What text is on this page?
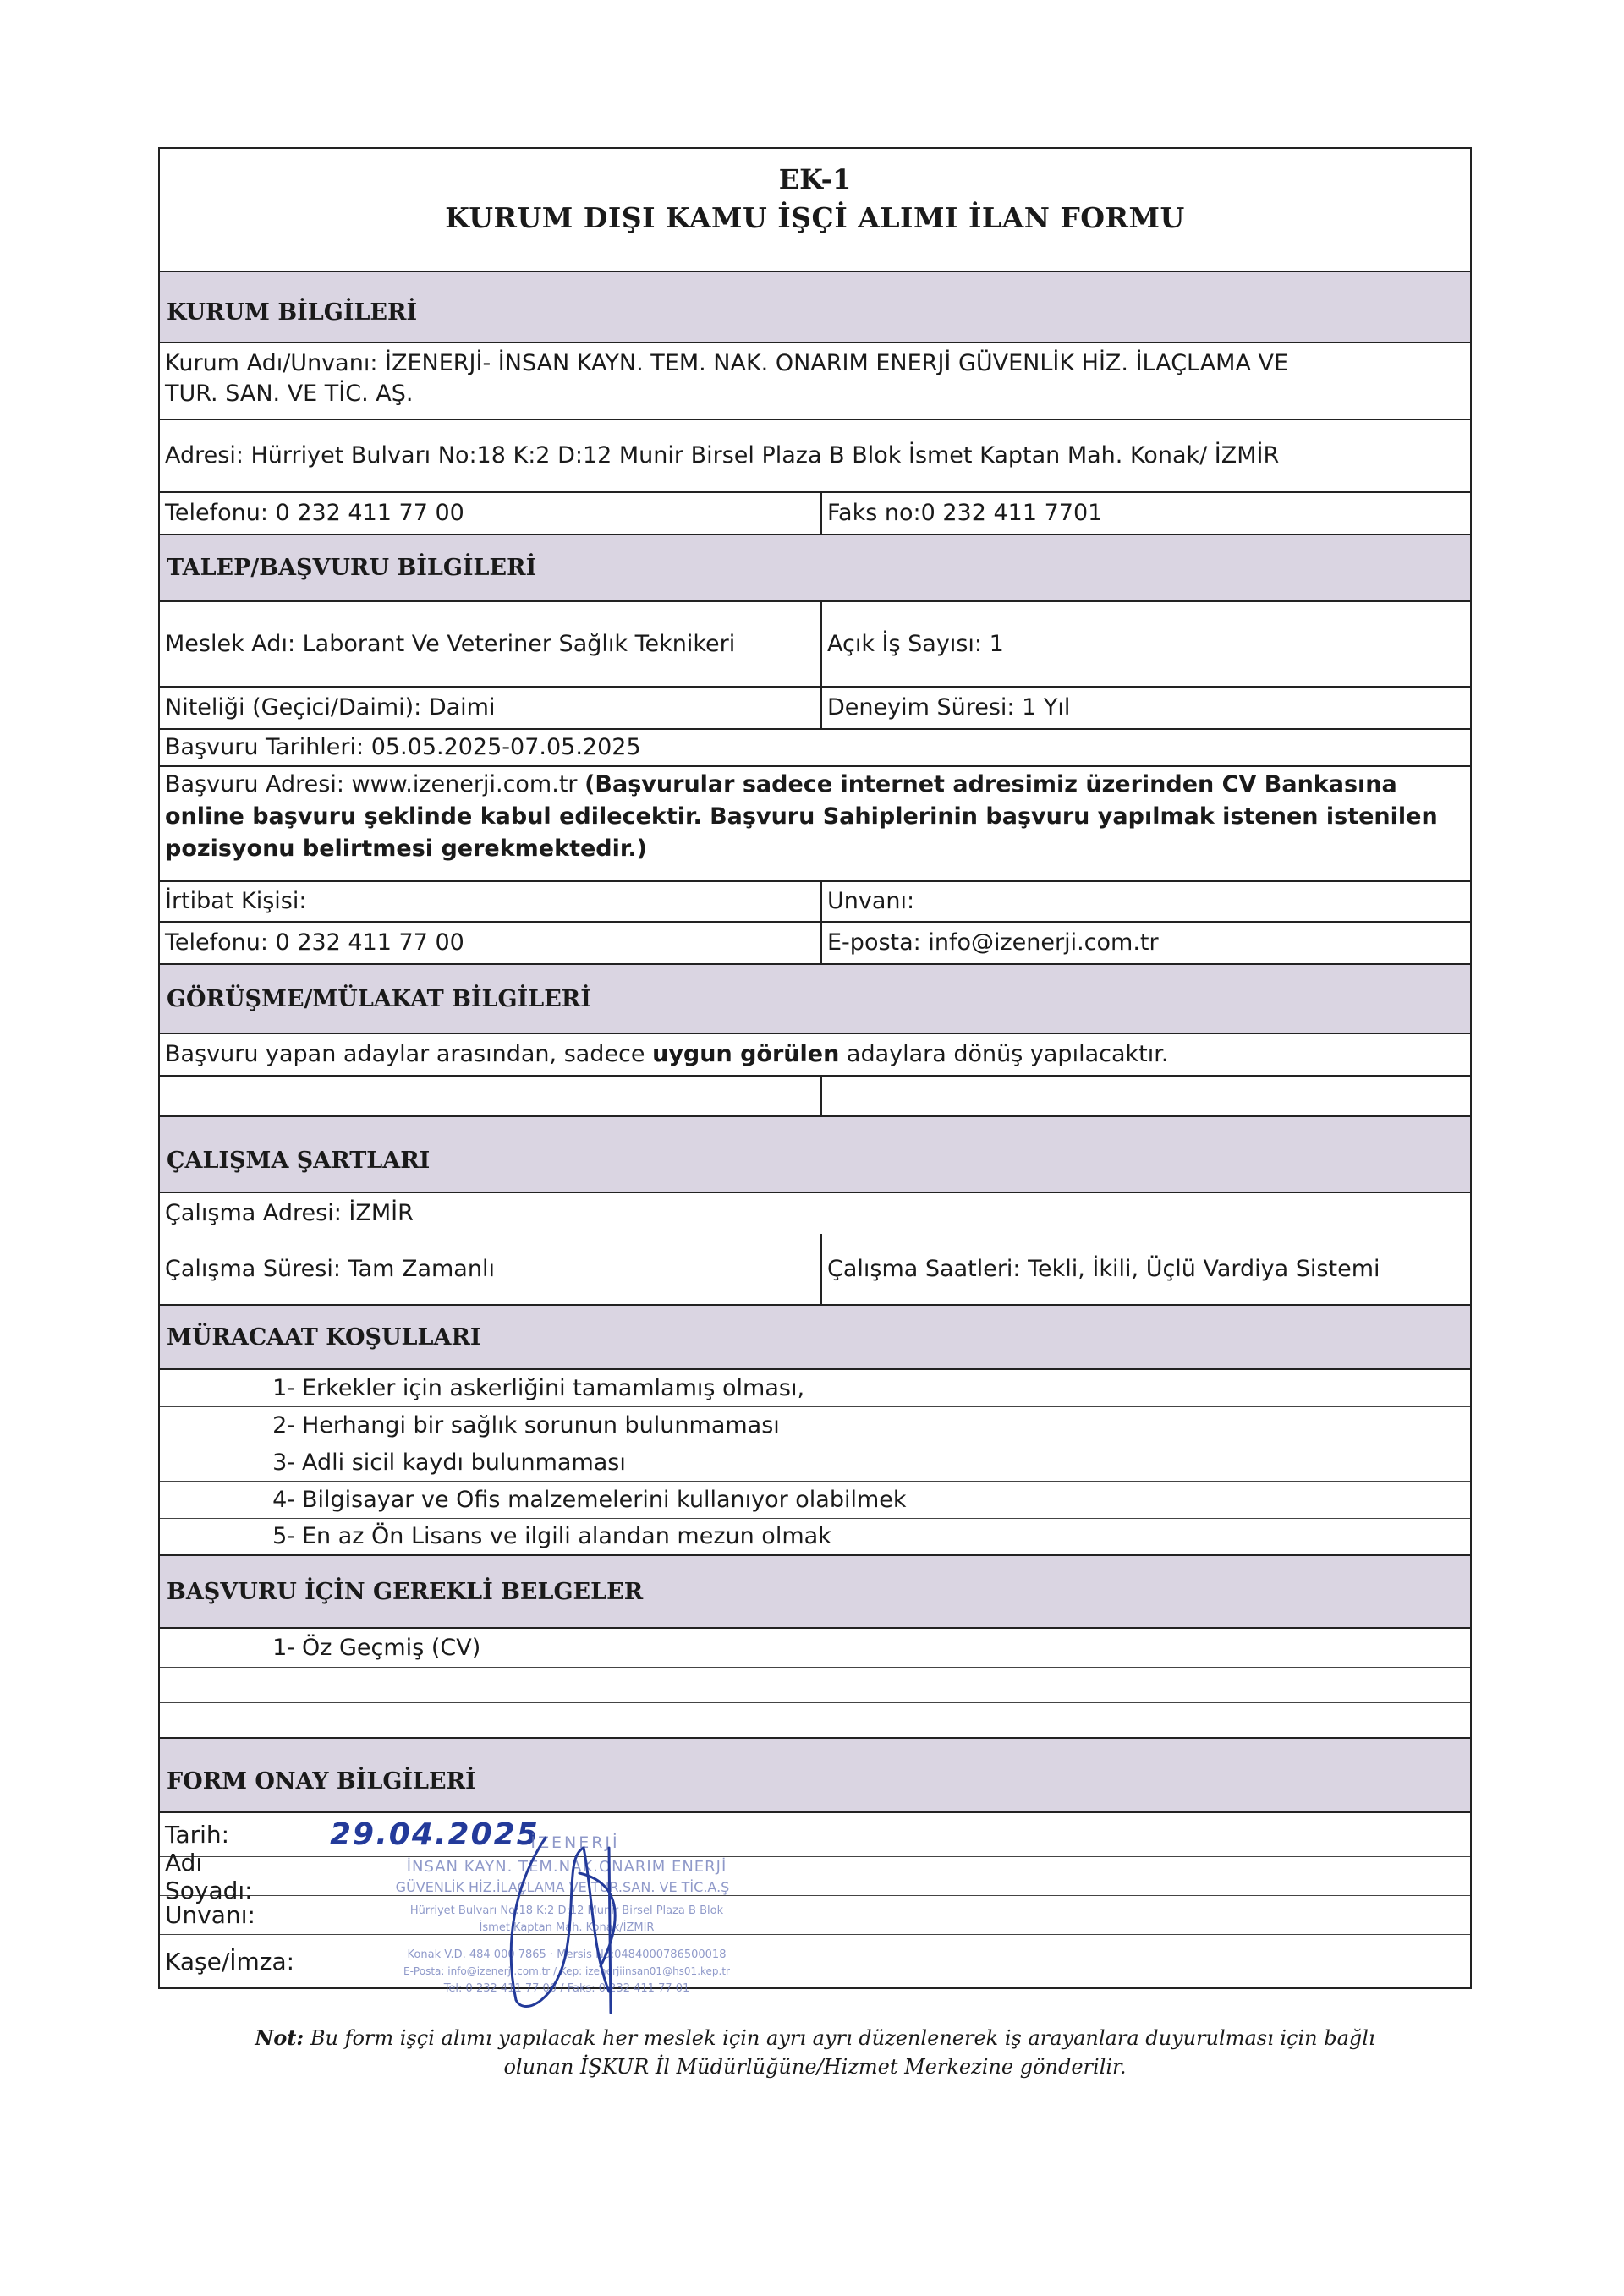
EK-1
KURUM DIŞI KAMU İŞÇİ ALIMI İLAN FORMU
KURUM BİLGİLERİ
Kurum Adı/Unvanı: İZENERJİ- İNSAN KAYN. TEM. NAK. ONARIM ENERJİ GÜVENLİK HİZ. İLAÇLAMA VE
TUR. SAN. VE TİC. AŞ.
Adresi: Hürriyet Bulvarı No:18 K:2 D:12 Munir Birsel Plaza B Blok İsmet Kaptan Mah. Konak/ İZMİR
Telefonu: 0 232 411 77 00	Faks no:0 232 411 7701
TALEP/BAŞVURU BİLGİLERİ
Meslek Adı: Laborant Ve Veteriner Sağlık Teknikeri	Açık İş Sayısı: 1
Niteliği (Geçici/Daimi): Daimi	Deneyim Süresi: 1 Yıl
Başvuru Tarihleri: 05.05.2025-07.05.2025
Başvuru Adresi: www.izenerji.com.tr (Başvurular sadece internet adresimiz üzerinden CV Bankasına online başvuru şeklinde kabul edilecektir. Başvuru Sahiplerinin başvuru yapılmak istenen istenilen pozisyonu belirtmesi gerekmektedir.)
İrtibat Kişisi:	Unvanı:
Telefonu: 0 232 411 77 00	E-posta: info@izenerji.com.tr
GÖRÜŞME/MÜLAKAT BİLGİLERİ
Başvuru yapan adaylar arasından, sadece uygun görülen adaylara dönüş yapılacaktır.
ÇALIŞMA ŞARTLARI
Çalışma Adresi: İZMİR
Çalışma Süresi: Tam Zamanlı	Çalışma Saatleri: Tekli, İkili, Üçlü Vardiya Sistemi
MÜRACAAT KOŞULLARI
1- Erkekler için askerliğini tamamlamış olması,
2- Herhangi bir sağlık sorunun bulunmaması
3- Adli sicil kaydı bulunmaması
4- Bilgisayar ve Ofis malzemelerini kullanıyor olabilmek
5- En az Ön Lisans ve ilgili alandan mezun olmak
BAŞVURU İÇİN GEREKLİ BELGELER
1- Öz Geçmiş (CV)
FORM ONAY BİLGİLERİ
Tarih:	29.04.2025
Adı Soyadı:
Unvanı:
Kaşe/İmza:
İZENERJİ
İNSAN KAYN. TEM.NAK.ONARIM ENERJİ
GÜVENLİK HİZ.İLAÇLAMA VE TUR.SAN. VE TİC.A.Ş
Hürriyet Bulvarı No:18 K:2 D:12 Munir Birsel Plaza B Blok
İsmet Kaptan Mah. Konak/İZMİR
Konak V.D. 484 000 7865 · Mersis No:0484000786500018
E-Posta: info@izenerji.com.tr / Kep: izenerjiinsan01@hs01.kep.tr
Tel: 0 232 411 77 00 / Faks: 0 232 411 77 01
Not: Bu form işçi alımı yapılacak her meslek için ayrı ayrı düzenlenerek iş arayanlara duyurulması için bağlı
olunan İŞKUR İl Müdürlüğüne/Hizmet Merkezine gönderilir.
